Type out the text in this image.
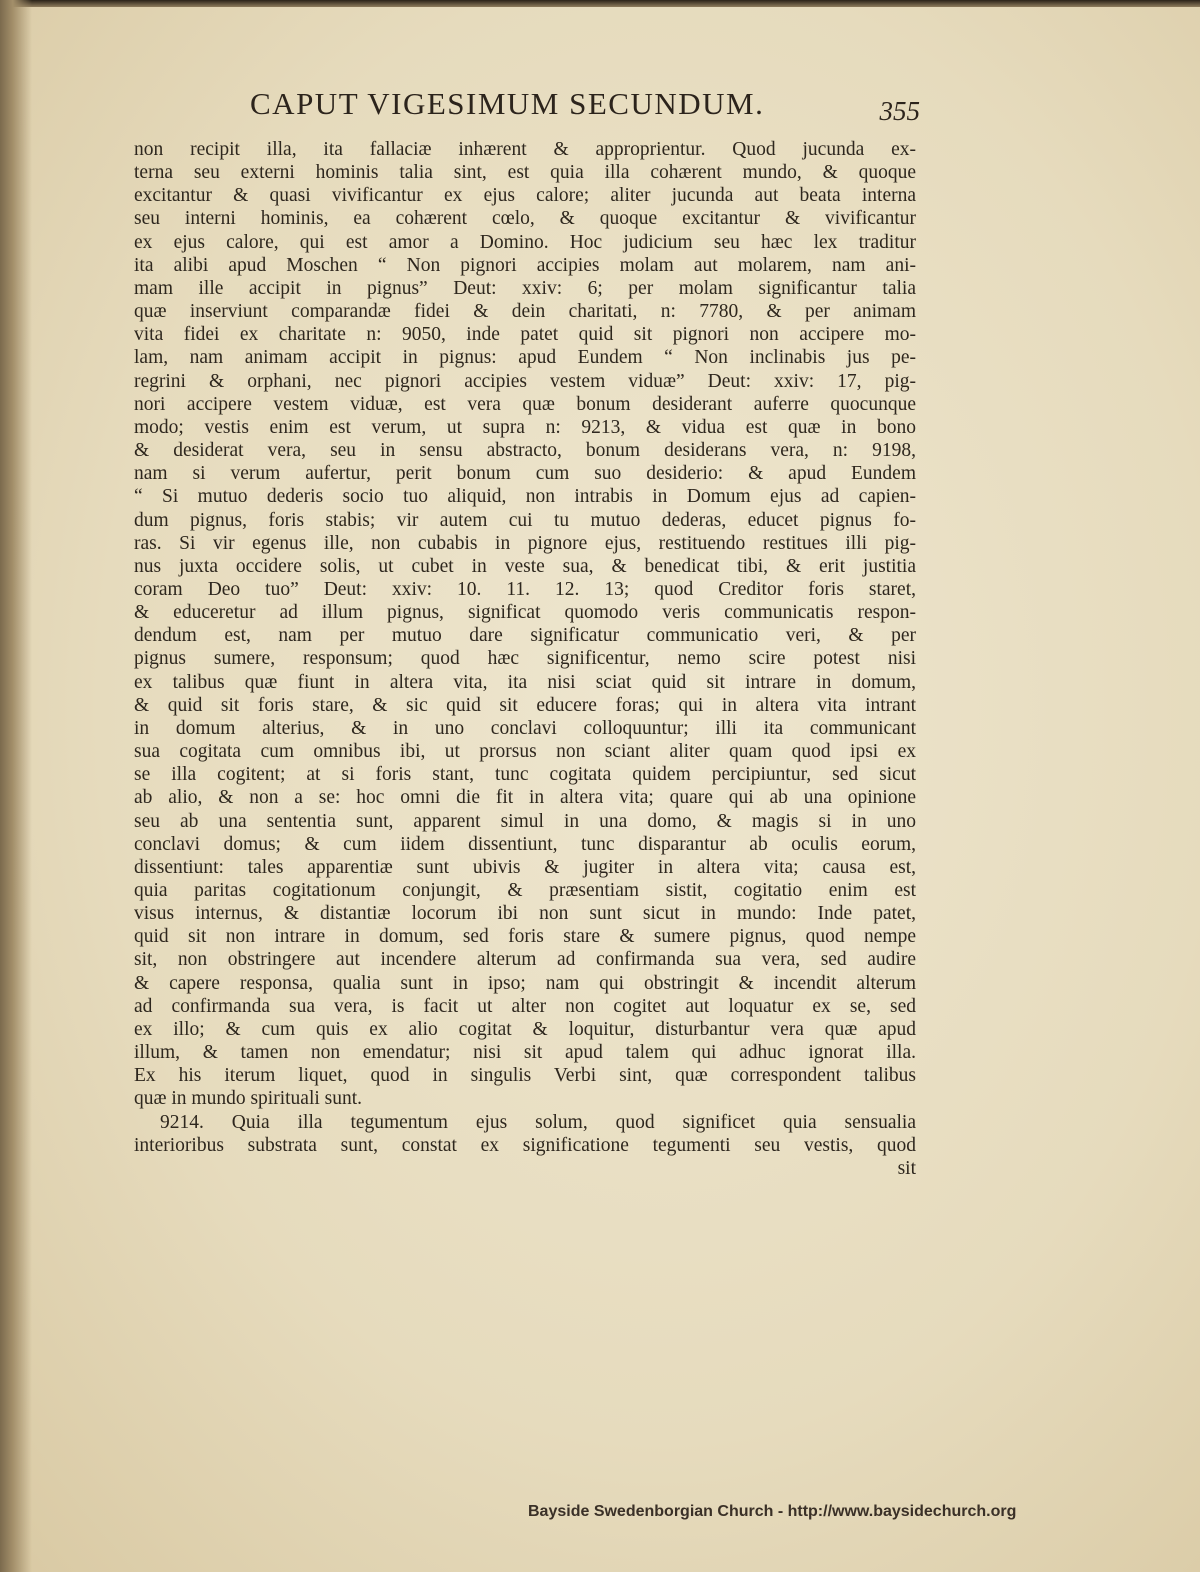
CAPUT VIGESIMUM SECUNDUM.	355
non recipit illa, ita fallaciæ inhærent & approprientur. Quod jucunda ex-
terna seu externi hominis talia sint, est quia illa cohærent mundo, & quoque
excitantur & quasi vivificantur ex ejus calore; aliter jucunda aut beata interna
seu interni hominis, ea cohærent cœlo, & quoque excitantur & vivificantur
ex ejus calore, qui est amor a Domino. Hoc judicium seu hæc lex traditur
ita alibi apud Moschen “ Non pignori accipies molam aut molarem, nam ani-
mam ille accipit in pignus” Deut: xxiv: 6; per molam significantur talia
quæ inserviunt comparandæ fidei & dein charitati, n: 7780, & per animam
vita fidei ex charitate n: 9050, inde patet quid sit pignori non accipere mo-
lam, nam animam accipit in pignus: apud Eundem “ Non inclinabis jus pe-
regrini & orphani, nec pignori accipies vestem viduæ” Deut: xxiv: 17, pig-
nori accipere vestem viduæ, est vera quæ bonum desiderant auferre quocunque
modo; vestis enim est verum, ut supra n: 9213, & vidua est quæ in bono
& desiderat vera, seu in sensu abstracto, bonum desiderans vera, n: 9198,
nam si verum aufertur, perit bonum cum suo desiderio: & apud Eundem
“ Si mutuo dederis socio tuo aliquid, non intrabis in Domum ejus ad capien-
dum pignus, foris stabis; vir autem cui tu mutuo dederas, educet pignus fo-
ras. Si vir egenus ille, non cubabis in pignore ejus, restituendo restitues illi pig-
nus juxta occidere solis, ut cubet in veste sua, & benedicat tibi, & erit justitia
coram Deo tuo” Deut: xxiv: 10. 11. 12. 13; quod Creditor foris staret,
& educeretur ad illum pignus, significat quomodo veris communicatis respon-
dendum est, nam per mutuo dare significatur communicatio veri, & per
pignus sumere, responsum; quod hæc significentur, nemo scire potest nisi
ex talibus quæ fiunt in altera vita, ita nisi sciat quid sit intrare in domum,
& quid sit foris stare, & sic quid sit educere foras; qui in altera vita intrant
in domum alterius, & in uno conclavi colloquuntur; illi ita communicant
sua cogitata cum omnibus ibi, ut prorsus non sciant aliter quam quod ipsi ex
se illa cogitent; at si foris stant, tunc cogitata quidem percipiuntur, sed sicut
ab alio, & non a se: hoc omni die fit in altera vita; quare qui ab una opinione
seu ab una sententia sunt, apparent simul in una domo, & magis si in uno
conclavi domus; & cum iidem dissentiunt, tunc disparantur ab oculis eorum,
dissentiunt: tales apparentiæ sunt ubivis & jugiter in altera vita; causa est,
quia paritas cogitationum conjungit, & præsentiam sistit, cogitatio enim est
visus internus, & distantiæ locorum ibi non sunt sicut in mundo: Inde patet,
quid sit non intrare in domum, sed foris stare & sumere pignus, quod nempe
sit, non obstringere aut incendere alterum ad confirmanda sua vera, sed audire
& capere responsa, qualia sunt in ipso; nam qui obstringit & incendit alterum
ad confirmanda sua vera, is facit ut alter non cogitet aut loquatur ex se, sed
ex illo; & cum quis ex alio cogitat & loquitur, disturbantur vera quæ apud
illum, & tamen non emendatur; nisi sit apud talem qui adhuc ignorat illa.
Ex his iterum liquet, quod in singulis Verbi sint, quæ correspondent talibus
quæ in mundo spirituali sunt.
9214. Quia illa tegumentum ejus solum, quod significet quia sensualia
interioribus substrata sunt, constat ex significatione tegumenti seu vestis, quod
sit
Bayside Swedenborgian Church - http://www.baysidechurch.org
